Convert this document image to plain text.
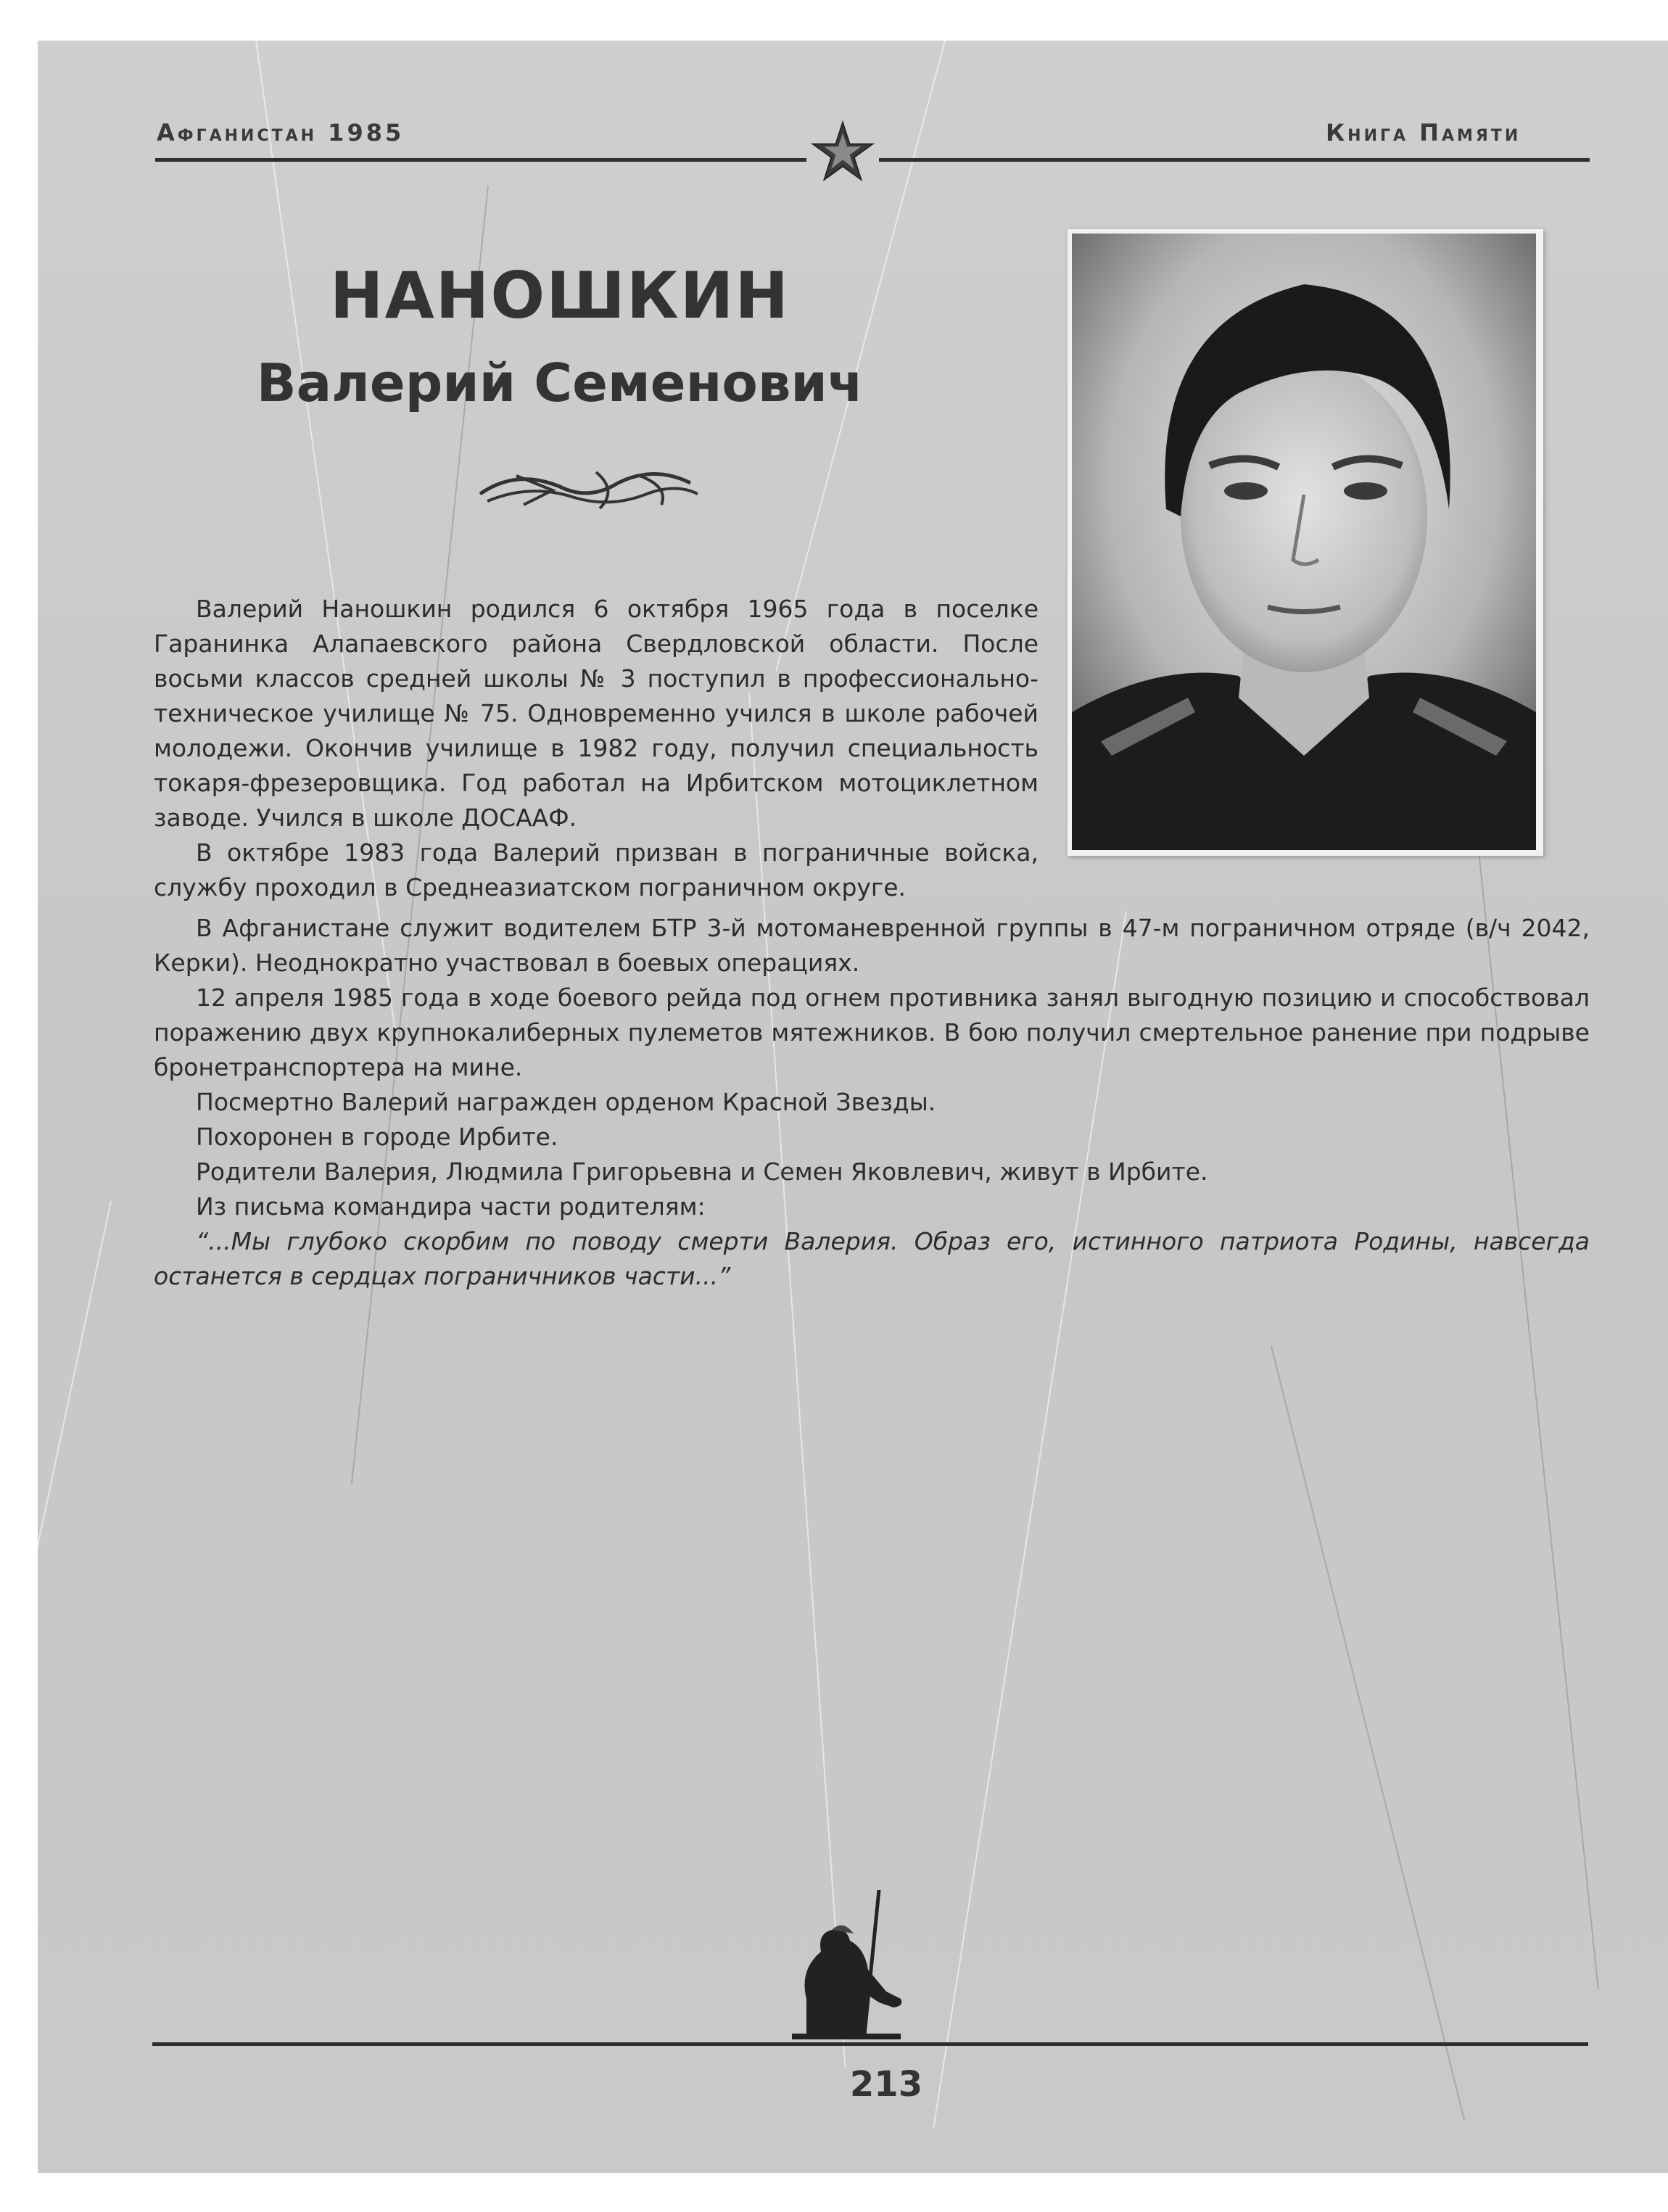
Афганистан 1985	Книга Памяти
НАНОШКИН
Валерий Семенович

Валерий Наношкин родился 6 октября 1965 года в поселке Гаранинка Алапаевского района Свердловской области. После восьми классов средней школы № 3 поступил в профессионально-техническое училище № 75. Одновременно учился в школе рабочей молодежи. Окончив училище в 1982 году, получил специальность токаря-фрезеровщика. Год работал на Ирбитском мотоциклетном заводе. Учился в школе ДОСААФ.

В октябре 1983 года Валерий призван в пограничные войска, службу проходил в Среднеазиатском пограничном округе.

В Афганистане служит водителем БТР 3-й мотоманевренной группы в 47-м пограничном отряде (в/ч 2042, Керки). Неоднократно участвовал в боевых операциях.

12 апреля 1985 года в ходе боевого рейда под огнем противника занял выгодную позицию и способствовал поражению двух крупнокалиберных пулеметов мятежников. В бою получил смертельное ранение при подрыве бронетранспортера на мине.

Посмертно Валерий награжден орденом Красной Звезды.

Похоронен в городе Ирбите.

Родители Валерия, Людмила Григорьевна и Семен Яковлевич, живут в Ирбите.

Из письма командира части родителям:

“...Мы глубоко скорбим по поводу смерти Валерия. Образ его, истинного патриота Родины, навсегда останется в сердцах пограничников части...”

213
